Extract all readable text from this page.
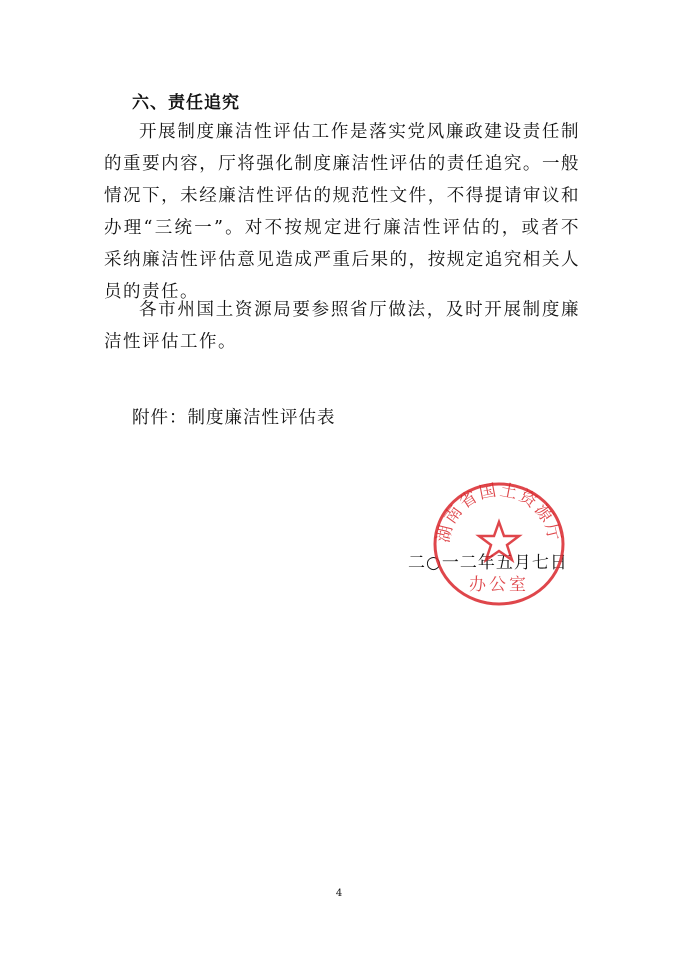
六、责任追究
开展制度廉洁性评估工作是落实党风廉政建设责任制的重要内容，厅将强化制度廉洁性评估的责任追究。一般情况下，未经廉洁性评估的规范性文件，不得提请审议和办理“三统一”。对不按规定进行廉洁性评估的，或者不采纳廉洁性评估意见造成严重后果的，按规定追究相关人员的责任。
各市州国土资源局要参照省厅做法，及时开展制度廉洁性评估工作。
附件：制度廉洁性评估表
二○一二年五月七日
湖南省国土资源厅
办公室
4
